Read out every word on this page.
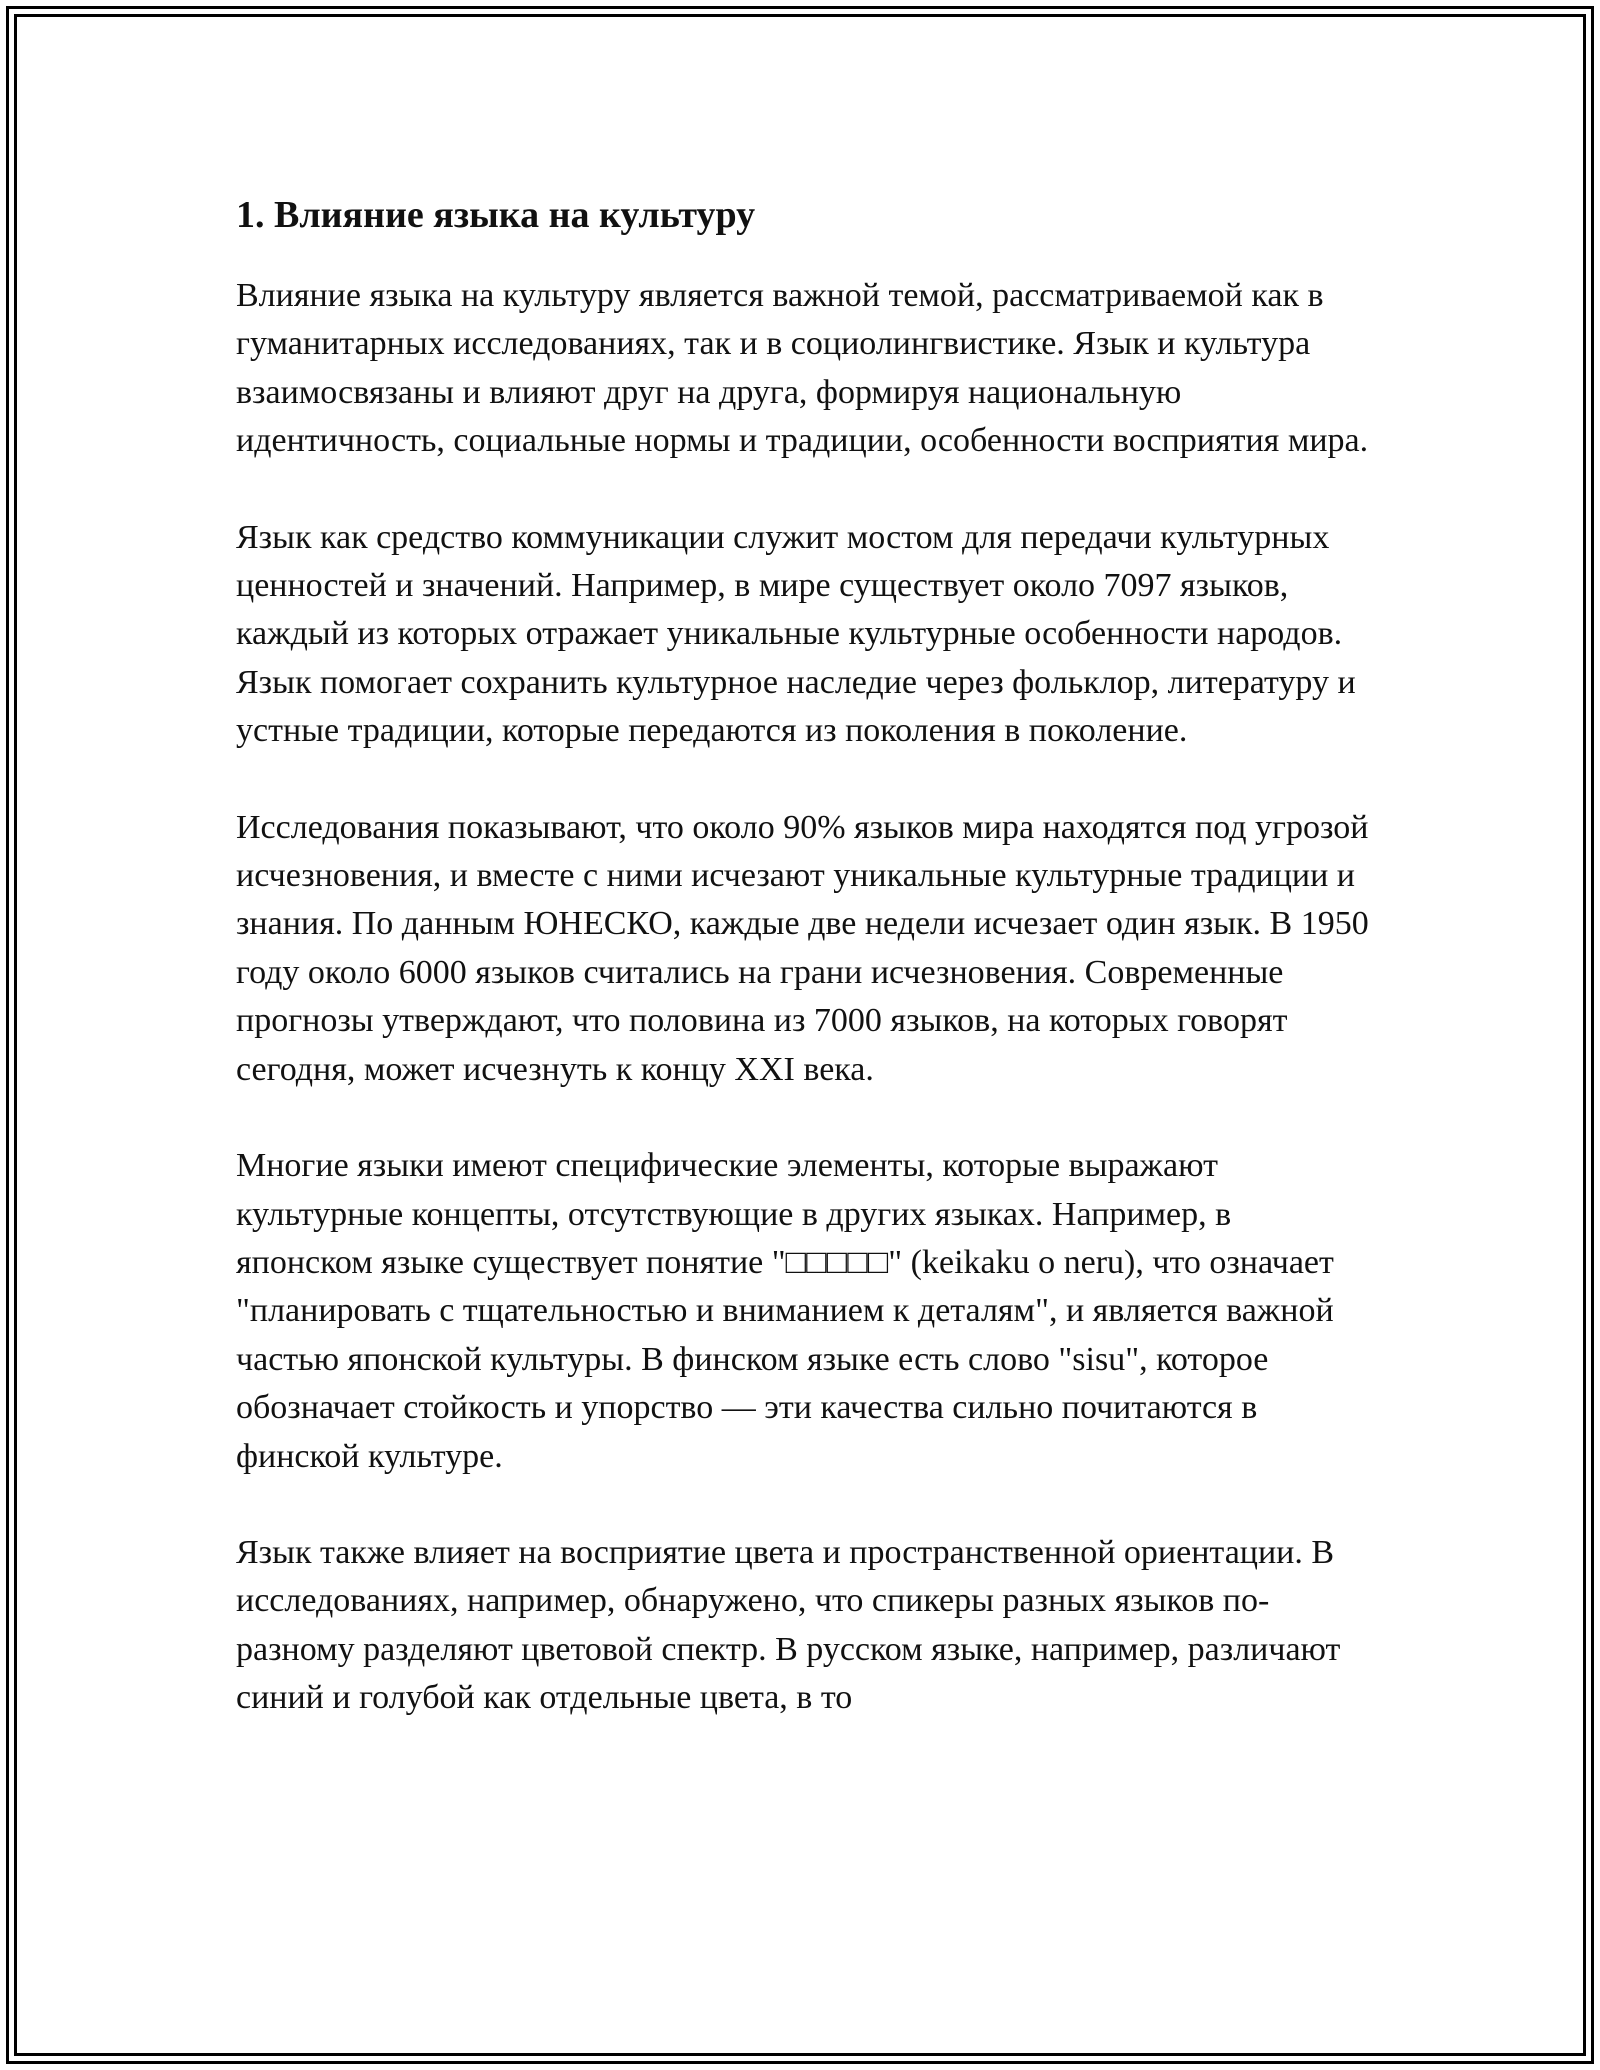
1. Влияние языка на культуру

Влияние языка на культуру является важной темой, рассматриваемой как в гуманитарных исследованиях, так и в социолингвистике. Язык и культура взаимосвязаны и влияют друг на друга, формируя национальную идентичность, социальные нормы и традиции, особенности восприятия мира.

Язык как средство коммуникации служит мостом для передачи культурных ценностей и значений. Например, в мире существует около 7097 языков, каждый из которых отражает уникальные культурные особенности народов. Язык помогает сохранить культурное наследие через фольклор, литературу и устные традиции, которые передаются из поколения в поколение.

Исследования показывают, что около 90% языков мира находятся под угрозой исчезновения, и вместе с ними исчезают уникальные культурные традиции и знания. По данным ЮНЕСКО, каждые две недели исчезает один язык. В 1950 году около 6000 языков считались на грани исчезновения. Современные прогнозы утверждают, что половина из 7000 языков, на которых говорят сегодня, может исчезнуть к концу XXI века.

Многие языки имеют специфические элементы, которые выражают культурные концепты, отсутствующие в других языках. Например, в японском языке существует понятие "□□□□□" (keikaku o neru), что означает "планировать с тщательностью и вниманием к деталям", и является важной частью японской культуры. В финском языке есть слово "sisu", которое обозначает стойкость и упорство — эти качества сильно почитаются в финской культуре.

Язык также влияет на восприятие цвета и пространственной ориентации. В исследованиях, например, обнаружено, что спикеры разных языков по-разному разделяют цветовой спектр. В русском языке, например, различают синий и голубой как отдельные цвета, в то
